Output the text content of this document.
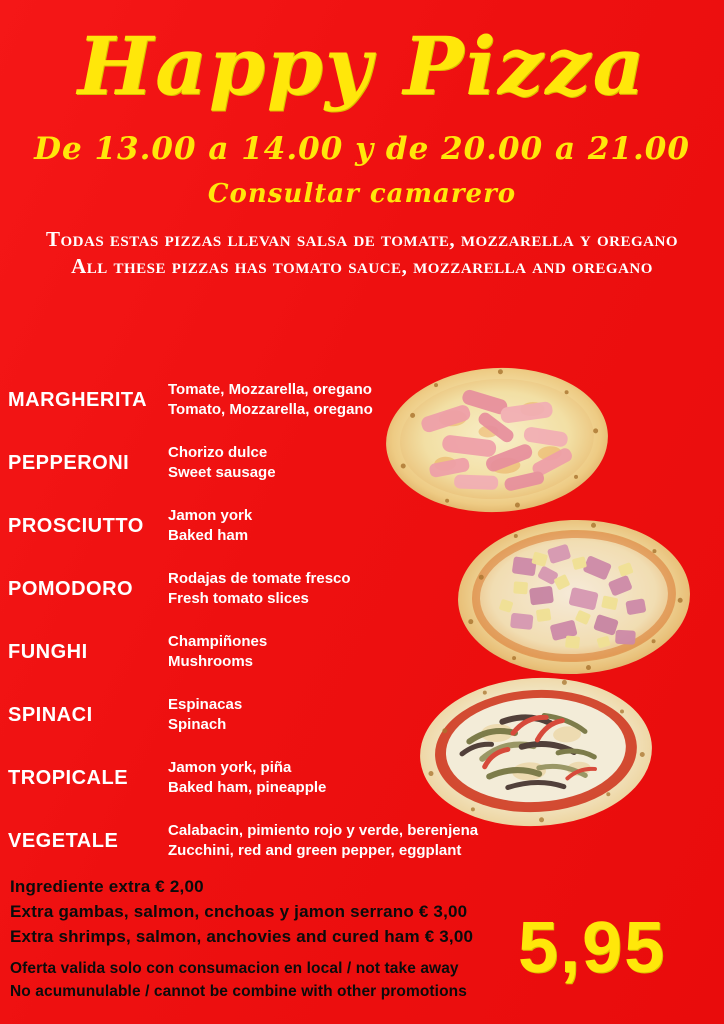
Happy Pizza
De 13.00 a 14.00 y de 20.00 a 21.00
Consultar camarero
Todas estas pizzas llevan salsa de tomate, mozzarella y oregano
All these pizzas has tomato sauce, mozzarella and oregano
MARGHERITA	Tomate, Mozzarella, oregano
Tomato, Mozzarella, oregano
PEPPERONI	Chorizo dulce
Sweet sausage
PROSCIUTTO	Jamon york
Baked ham
POMODORO	Rodajas de tomate fresco
Fresh tomato slices
FUNGHI	Champiñones
Mushrooms
SPINACI	Espinacas
Spinach
TROPICALE	Jamon york, piña
Baked ham, pineapple
VEGETALE	Calabacin, pimiento rojo y verde, berenjena
Zucchini, red and green pepper, eggplant
Ingrediente extra € 2,00
Extra gambas, salmon, cnchoas y jamon serrano € 3,00
Extra shrimps, salmon, anchovies and cured ham € 3,00
Oferta valida solo con consumacion en local / not take away
No acumunulable / cannot be combine with other promotions
5,95
